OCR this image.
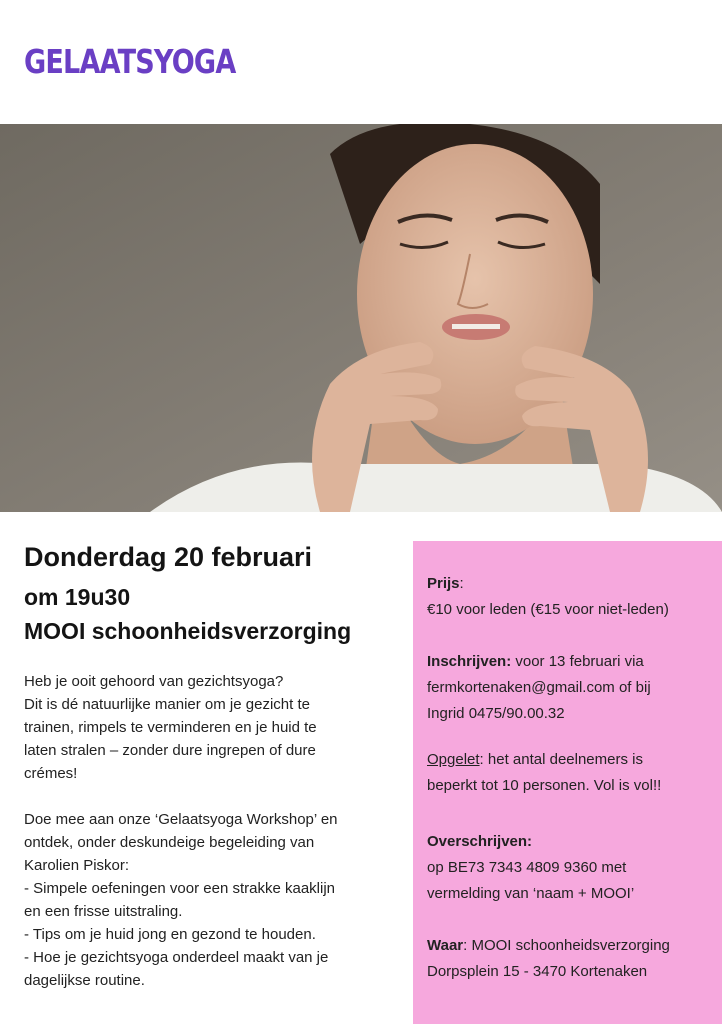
GELAATSYOGA
Donderdag 20 februari
om 19u30
MOOI schoonheidsverzorging

Heb je ooit gehoord van gezichtsyoga?
Dit is dé natuurlijke manier om je gezicht te
trainen, rimpels te verminderen en je huid te
laten stralen – zonder dure ingrepen of dure
crémes!

Doe mee aan onze ‘Gelaatsyoga Workshop’ en
ontdek, onder deskundeige begeleiding van
Karolien Piskor:
- Simpele oefeningen voor een strakke kaaklijn
en een frisse uitstraling.
- Tips om je huid jong en gezond te houden.
- Hoe je gezichtsyoga onderdeel maakt van je
dagelijkse routine.

Prijs:
€10 voor leden (€15 voor niet-leden)
Inschrijven: voor 13 februari via
fermkortenaken@gmail.com of bij
Ingrid 0475/90.00.32
Opgelet: het antal deelnemers is
beperkt tot 10 personen. Vol is vol!!
Overschrijven:
op BE73 7343 4809 9360 met
vermelding van ‘naam + MOOI’
Waar: MOOI schoonheidsverzorging
Dorpsplein 15 - 3470 Kortenaken
